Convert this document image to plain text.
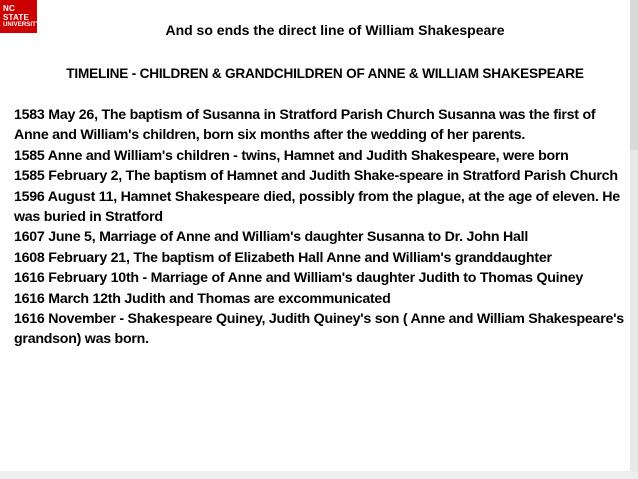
NC STATE
UNIVERSITY	And so ends the direct line of William Shakespeare
TIMELINE - CHILDREN & GRANDCHILDREN OF ANNE & WILLIAM SHAKESPEARE
1583 May 26, The baptism of Susanna in Stratford Parish Church Susanna was the first of Anne and William's children, born six months after the wedding of her parents.
1585 Anne and William's children - twins, Hamnet and Judith Shakespeare, were born
1585 February 2, The baptism of Hamnet and Judith Shake-speare in Stratford Parish Church
1596 August 11, Hamnet Shakespeare died, possibly from the plague, at the age of eleven. He was buried in Stratford
1607 June 5, Marriage of Anne and William's daughter Susanna to Dr. John Hall
1608 February 21, The baptism of Elizabeth Hall Anne and William's granddaughter
1616 February 10th - Marriage of Anne and William's daughter Judith to Thomas Quiney
1616 March 12th Judith and Thomas are excommunicated
1616 November - Shakespeare Quiney, Judith Quiney's son ( Anne and William Shakespeare's grandson) was born.
